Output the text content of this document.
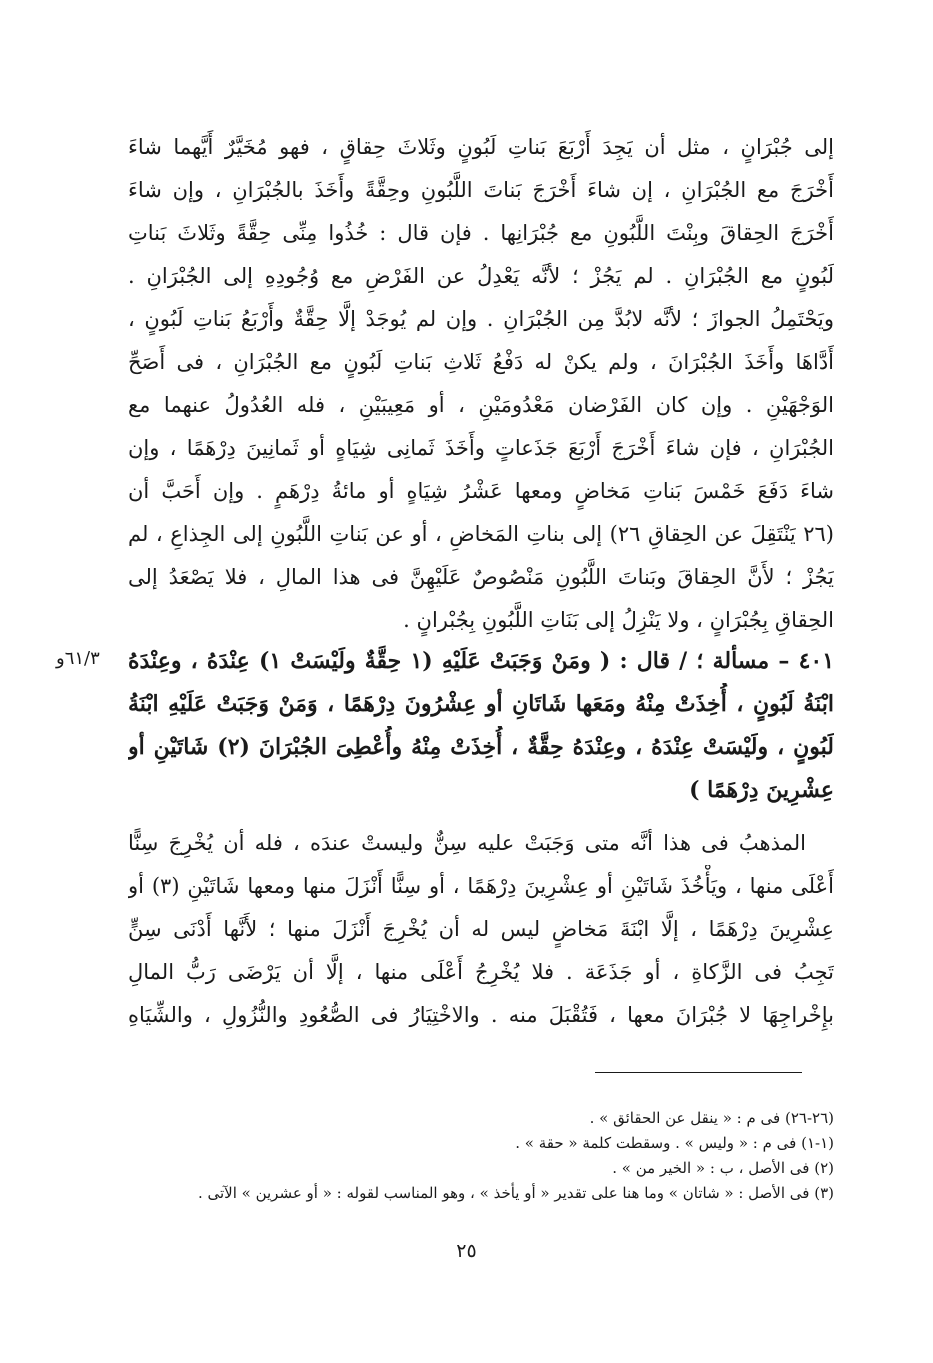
إلى جُبْرَانٍ ، مثل أن يَجِدَ أَرْبَعَ بَناتِ لَبُونٍ وثَلاثَ حِقاقٍ ، فهو مُخَيَّرٌ أَيَّهما شاءَ
أَخْرَجَ مع الجُبْرَانِ ، إن شاءَ أَخْرَجَ بَناتَ اللَّبُونِ وحِقَّةً وأَخَذَ بالجُبْرَانِ ، وإن شاءَ
أَخْرَجَ الحِقاقَ وبِنْتَ اللَّبُونِ مع جُبْرَانِها . فإن قال : خُذُوا مِنِّى حِقَّةً وثَلاثَ بَناتِ
لَبُونٍ مع الجُبْرَانِ . لم يَجُزْ ؛ لأنَّه يَعْدِلُ عن الفَرْضِ مع وُجُودِهِ إلى الجُبْرَانِ .
ويَحْتَمِلُ الجوازَ ؛ لأنَّه لابُدَّ مِن الجُبْرَانِ . وإن لم يُوجَدْ إلَّا حِقَّةٌ وأَرْبَعُ بَناتِ لَبُونٍ ،
أَدَّاهَا وأَخَذَ الجُبْرَانَ ، ولم يكنْ له دَفْعُ ثَلاثِ بَناتِ لَبُونٍ مع الجُبْرَانِ ، فى أَصَحِّ
الوَجْهَيْنِ . وإن كان الفَرْضان مَعْدُومَيْنِ ، أو مَعِيبَيْنِ ، فله العُدُولُ عنهما مع
الجُبْرَانِ ، فإن شاءَ أَخْرَجَ أَرْبَعَ جَذَعاتٍ وأَخَذَ ثَمانِى شِيَاهٍ أو ثَمانِينَ دِرْهَمًا ، وإن
شاءَ دَفَعَ خَمْسَ بَناتِ مَخاضٍ ومعها عَشْرُ شِيَاهٍ أو مائةُ دِرْهَمٍ . وإن أَحَبَّ أن
(٢٦ يَنْتَقِلَ عن الحِقاقِ ٢٦) إلى بناتِ المَخاضِ ، أو عن بَناتِ اللَّبُونِ إلى الجِذاعِ ، لم
يَجُزْ ؛ لأَنَّ الحِقاقَ وبَناتَ اللَّبُونِ مَنْصُوصٌ عَلَيْهِنَّ فى هذا المالِ ، فلا يَصْعَدُ إلى
الحِقاقِ بِجُبْرَانٍ ، ولا يَنْزِلُ إلى بَنَاتِ اللَّبُونِ بِجُبْرانٍ .
٦١/٣و	٤٠١ – مسألة ؛ / قال : ( ومَنْ وَجَبَتْ عَلَيْهِ (١ حِقَّةٌ ولَيْسَتْ ١) عِنْدَهُ ، وعِنْدَهُ
ابْنَةُ لَبُونٍ ، أُخِذَتْ مِنْهُ ومَعَها شَاتَانِ أو عِشْرُونَ دِرْهَمًا ، وَمَنْ وَجَبَتْ عَلَيْهِ ابْنَةُ
لَبُونٍ ، ولَيْسَتْ عِنْدَهُ ، وعِنْدَهُ حِقَّةٌ ، أُخِذَتْ مِنْهُ وأُعْطِىَ الجُبْرَانَ (٢) شَاتَيْنِ أو
عِشْرِينَ دِرْهَمًا )
المذهبُ فى هذا أنَّه متى وَجَبَتْ عليه سِنٌّ وليستْ عندَه ، فله أن يُخْرِجَ سِنًّا
أَعْلَى منها ، ويَأْخُذَ شَاتَيْنِ أو عِشْرِينَ دِرْهَمًا ، أو سِنًّا أَنْزَلَ منها ومعها شَاتَيْنِ (٣) أو
عِشْرِينَ دِرْهَمًا ، إلَّا ابْنَةَ مَخاضٍ ليس له أن يُخْرِجَ أَنْزَلَ منها ؛ لأَنَّها أَدْنَى سِنٍّ
تَجِبُ فى الزَّكاةِ ، أو جَذَعَة . فلا يُخْرِجُ أَعْلَى منها ، إلَّا أن يَرْضَى رَبُّ المالِ
بإِخْراجِهَا لا جُبْرَانَ معها ، فَتُقْبَلَ منه . والاخْتِيَارُ فى الصُّعُودِ والنُّزُولِ ، والشِّيَاهِ
(٢٦-٢٦) فى م : « ينقل عن الحقائق » .
(١-١) فى م : « وليس » . وسقطت كلمة « حقة » .
(٢) فى الأصل ، ب : « الخير من » .
(٣) فى الأصل : « شاتان » وما هنا على تقدير « أو يأخذ » ، وهو المناسب لقوله : « أو عشرين » الآتى .
٢٥
